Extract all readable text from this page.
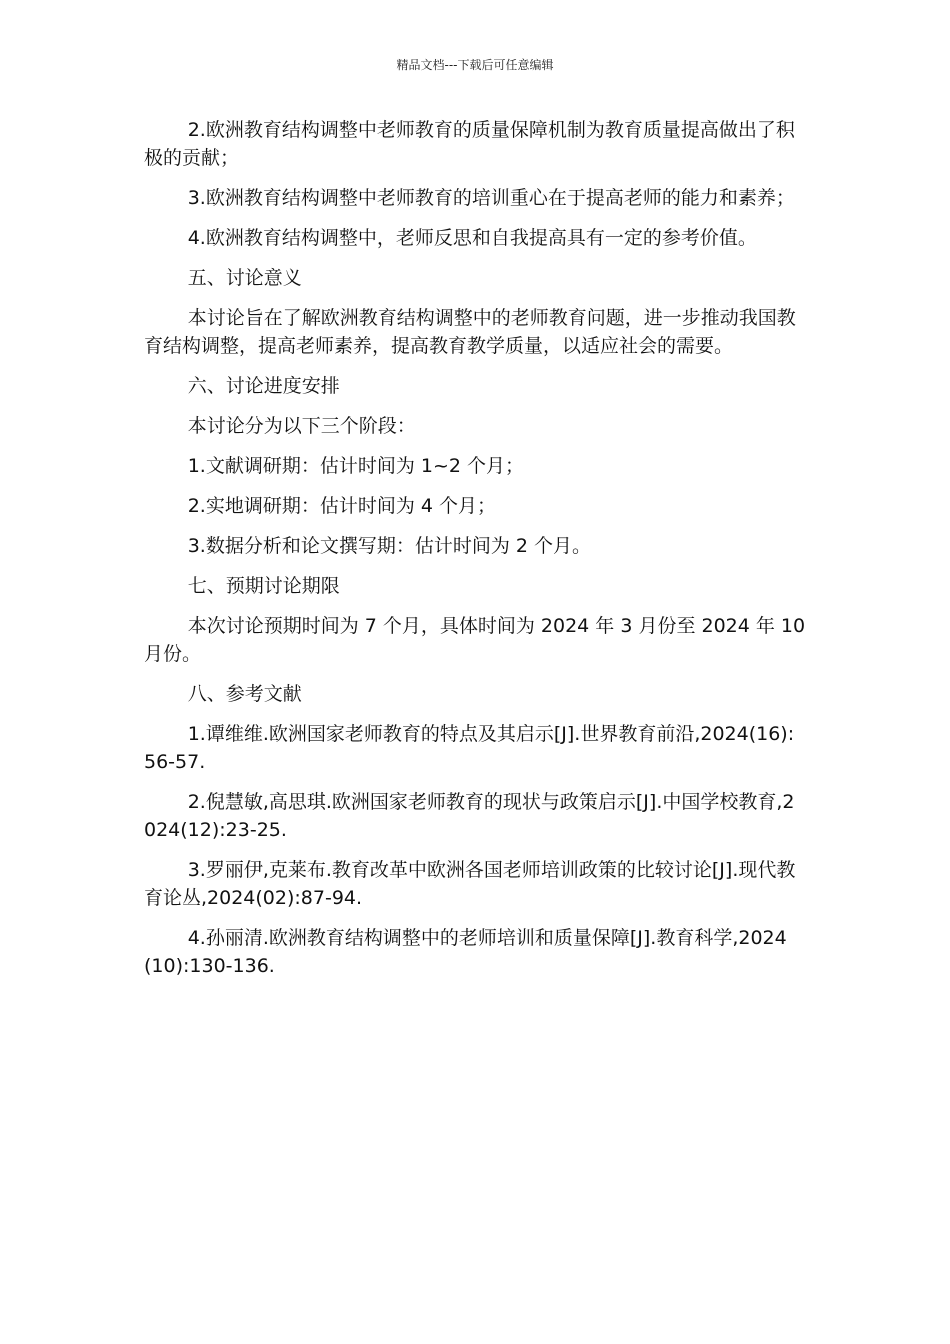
精品文档---下载后可任意编辑

2.欧洲教育结构调整中老师教育的质量保障机制为教育质量提高做出了积极的贡献；

3.欧洲教育结构调整中老师教育的培训重心在于提高老师的能力和素养；

4.欧洲教育结构调整中，老师反思和自我提高具有一定的参考价值。

五、讨论意义

本讨论旨在了解欧洲教育结构调整中的老师教育问题，进一步推动我国教育结构调整，提高老师素养，提高教育教学质量，以适应社会的需要。

六、讨论进度安排

本讨论分为以下三个阶段：

1.文献调研期：估计时间为 1~2 个月；

2.实地调研期：估计时间为 4 个月；

3.数据分析和论文撰写期：估计时间为 2 个月。

七、预期讨论期限

本次讨论预期时间为 7 个月，具体时间为 2024 年 3 月份至 2024 年 10 月份。

八、参考文献

1.谭维维.欧洲国家老师教育的特点及其启示[J].世界教育前沿,2024(16):56-57.

2.倪慧敏,高思琪.欧洲国家老师教育的现状与政策启示[J].中国学校教育,2024(12):23-25.

3.罗丽伊,克莱布.教育改革中欧洲各国老师培训政策的比较讨论[J].现代教育论丛,2024(02):87-94.

4.孙丽清.欧洲教育结构调整中的老师培训和质量保障[J].教育科学,2024(10):130-136.
